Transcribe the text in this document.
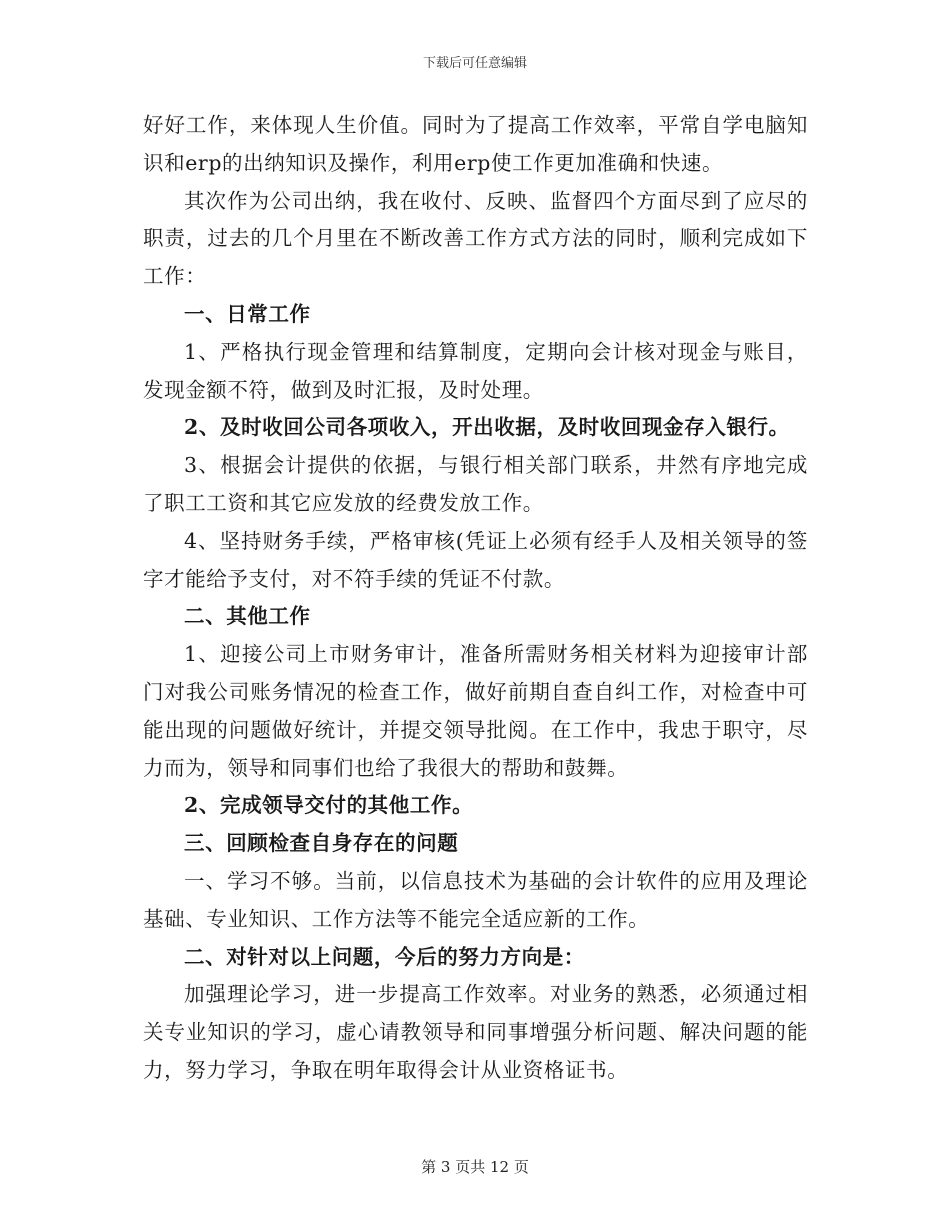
下载后可任意编辑

好好工作，来体现人生价值。同时为了提高工作效率，平常自学电脑知识和erp的出纳知识及操作，利用erp使工作更加准确和快速。

其次作为公司出纳，我在收付、反映、监督四个方面尽到了应尽的职责，过去的几个月里在不断改善工作方式方法的同时，顺利完成如下工作：

一、日常工作

1、严格执行现金管理和结算制度，定期向会计核对现金与账目，发现金额不符，做到及时汇报，及时处理。

2、及时收回公司各项收入，开出收据，及时收回现金存入银行。

3、根据会计提供的依据，与银行相关部门联系，井然有序地完成了职工工资和其它应发放的经费发放工作。

4、坚持财务手续，严格审核(凭证上必须有经手人及相关领导的签字才能给予支付，对不符手续的凭证不付款。

二、其他工作

1、迎接公司上市财务审计，准备所需财务相关材料为迎接审计部门对我公司账务情况的检查工作，做好前期自查自纠工作，对检查中可能出现的问题做好统计，并提交领导批阅。在工作中，我忠于职守，尽力而为，领导和同事们也给了我很大的帮助和鼓舞。

2、完成领导交付的其他工作。

三、回顾检查自身存在的问题

一、学习不够。当前，以信息技术为基础的会计软件的应用及理论基础、专业知识、工作方法等不能完全适应新的工作。

二、对针对以上问题，今后的努力方向是：

加强理论学习，进一步提高工作效率。对业务的熟悉，必须通过相关专业知识的学习，虚心请教领导和同事增强分析问题、解决问题的能力，努力学习，争取在明年取得会计从业资格证书。

第 3 页共 12 页
